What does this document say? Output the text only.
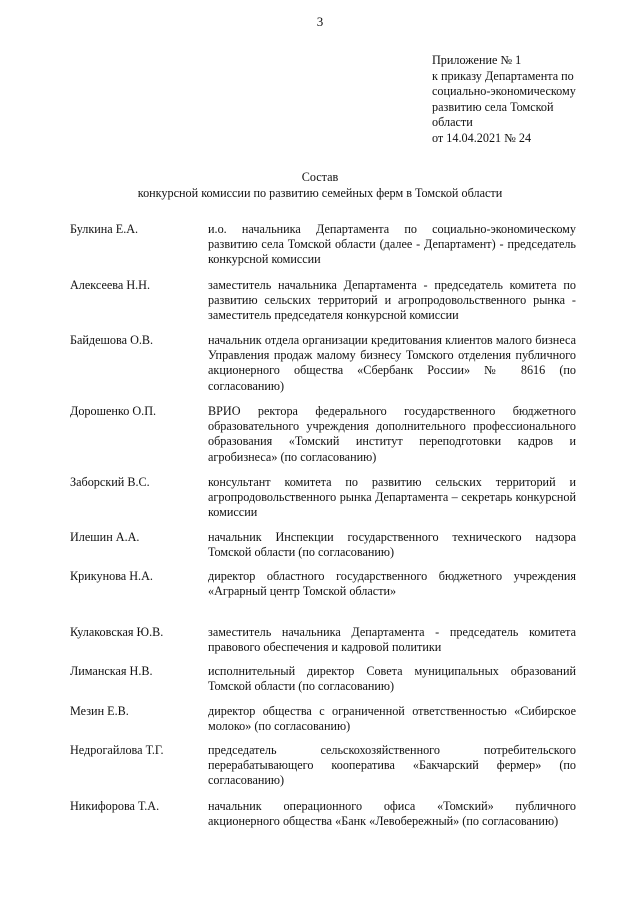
3
Приложение № 1
к приказу Департамента по
социально-экономическому
развитию села Томской
области
от 14.04.2021 № 24
Состав
конкурсной комиссии по развитию семейных ферм в Томской области
Булкина Е.А.	и.о. начальника Департамента по социально-экономическому развитию села Томской области (далее - Департамент) - председатель конкурсной комиссии
Алексеева Н.Н.	заместитель начальника Департамента - председатель комитета по развитию сельских территорий и агропродовольственного рынка - заместитель председателя конкурсной комиссии
Байдешова О.В.	начальник отдела организации кредитования клиентов малого бизнеса Управления продаж малому бизнесу Томского отделения публичного акционерного общества «Сбербанк России» № 8616 (по согласованию)
Дорошенко О.П.	ВРИО ректора федерального государственного бюджетного образовательного учреждения дополнительного профессионального образования «Томский институт переподготовки кадров и агробизнеса» (по согласованию)
Заборский В.С.	консультант комитета по развитию сельских территорий и агропродовольственного рынка Департамента – секретарь конкурсной комиссии
Илешин А.А.	начальник Инспекции государственного технического надзора Томской области (по согласованию)
Крикунова Н.А.	директор областного государственного бюджетного учреждения «Аграрный центр Томской области»
Кулаковская Ю.В.	заместитель начальника Департамента - председатель комитета правового обеспечения и кадровой политики
Лиманская Н.В.	исполнительный директор Совета муниципальных образований Томской области (по согласованию)
Мезин Е.В.	директор общества с ограниченной ответственностью «Сибирское молоко» (по согласованию)
Недрогайлова Т.Г.	председатель сельскохозяйственного потребительского перерабатывающего кооператива «Бакчарский фермер» (по согласованию)
Никифорова Т.А.	начальник операционного офиса «Томский» публичного акционерного общества «Банк «Левобережный» (по согласованию)
